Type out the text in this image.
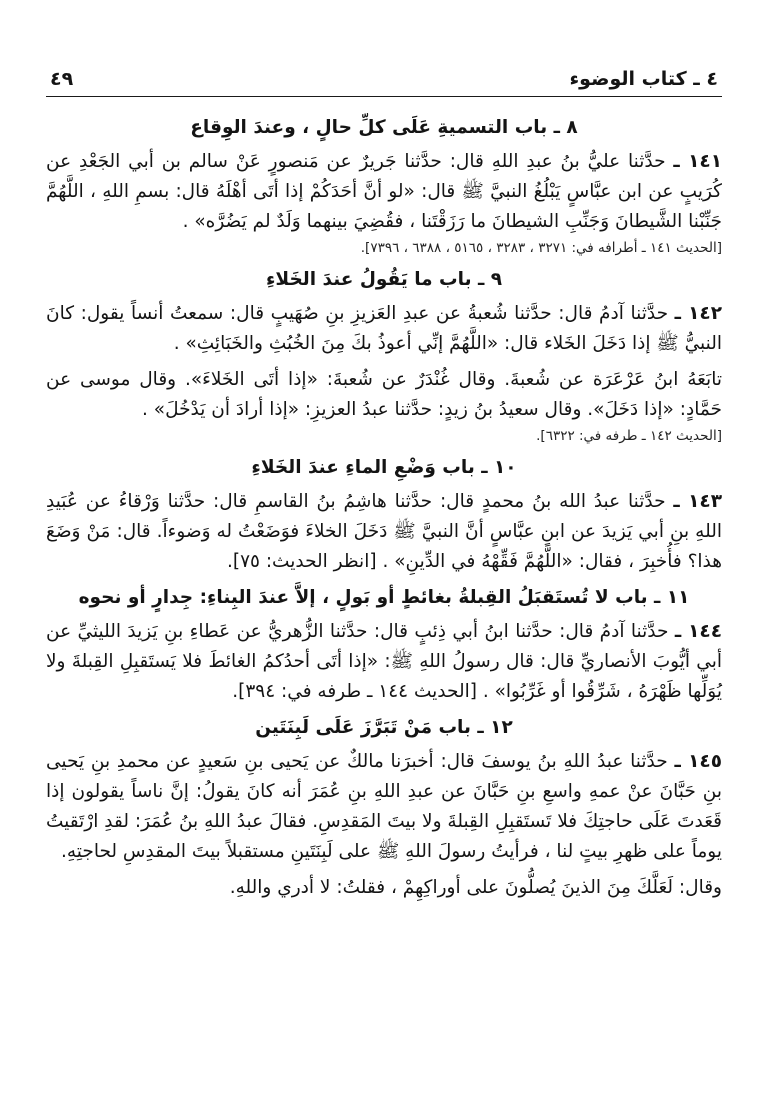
٤ ـ كتاب الوضوء
٤٩
٨ ـ باب التسميةِ عَلَى كلِّ حالٍ ، وعندَ الوِقاع

١٤١ ـ حدَّثنا عليُّ بنُ عبدِ اللهِ قال: حدَّثنا جَريرٌ عن مَنصورٍ عَنْ سالم بن أبي الجَعْدِ عن كُرَيبٍ عن ابن عبَّاسٍ يَبْلُغُ النبيَّ ﷺ قال: «لو أنَّ أحَدَكُمْ إذا أتَى أهْلَهُ قال: بسمِ اللهِ ، اللَّهُمَّ جَنِّبْنا الشَّيطانَ وَجَنِّبِ الشيطانَ ما رَزَقْتَنا ، فقُضِيَ بينهما وَلَدٌ لم يَضُرَّه» .

[الحديث ١٤١ ـ أطرافه في: ٣٢٧١ ، ٣٢٨٣ ، ٥١٦٥ ، ٦٣٨٨ ، ٧٣٩٦].

٩ ـ باب ما يَقُولُ عندَ الخَلاءِ

١٤٢ ـ حدَّثنا آدمُ قال: حدَّثنا شُعبةُ عن عبدِ العَزيزِ بنِ صُهَيبٍ قال: سمعتُ أنساً يقول: كانَ النبيُّ ﷺ إذا دَخَلَ الخَلاء قال: «اللَّهُمَّ إنِّي أعوذُ بكَ مِنَ الخُبُثِ والخَبَائِثِ» .

تابَعَهُ ابنُ عَرْعَرَة عن شُعبةَ. وقال غُنْدَرٌ عن شُعبةَ: «إذا أتَى الخَلاءَ». وقال موسى عن حَمَّادٍ: «إذا دَخَلَ». وقال سعيدُ بنُ زيدٍ: حدَّثنا عبدُ العزيزِ: «إذا أرادَ أن يَدْخُلَ» .

[الحديث ١٤٢ ـ طرفه في: ٦٣٢٢].

١٠ ـ باب وَضْعِ الماءِ عندَ الخَلاءِ

١٤٣ ـ حدَّثنا عبدُ الله بنُ محمدٍ قال: حدَّثنا هاشِمُ بنُ القاسمِ قال: حدَّثنا وَرْقاءُ عن عُبَيدِ اللهِ بنِ أبي يَزيدَ عن ابنِ عبَّاسٍ أنَّ النبيَّ ﷺ دَخَلَ الخلاءَ فوَضَعْتُ له وَضوءاً. قال: مَنْ وَضَعَ هذا؟ فأُخبِرَ ، فقال: «اللَّهُمَّ فَقِّهْهُ في الدِّينِ» . [انظر الحديث: ٧٥].

١١ ـ باب لا تُستَقبَلُ القِبلةُ بغائطٍ أو بَولٍ ، إلاَّ عندَ البِناءِ: جِدارٍ أو نحوه

١٤٤ ـ حدَّثنا آدمُ قال: حدَّثنا ابنُ أبي ذِئبٍ قال: حدَّثنا الزُّهريُّ عن عَطاءِ بنِ يَزيدَ الليثيِّ عن أبي أيُّوبَ الأنصاريِّ قال: قال رسولُ اللهِ ﷺ: «إذا أتَى أحدُكمُ الغائطَ فلا يَستَقبِلِ القِبلةَ ولا يُوَلِّها ظَهْرَهُ ، شَرِّقُوا أو غَرِّبُوا» . [الحديث ١٤٤ ـ طرفه في: ٣٩٤].

١٢ ـ باب مَنْ تَبَرَّزَ عَلَى لَبِنَتَين

١٤٥ ـ حدَّثنا عبدُ اللهِ بنُ يوسفَ قال: أخبرَنا مالكٌ عن يَحيى بنِ سَعيدٍ عن محمدِ بنِ يَحيى بنِ حَبَّانَ عنْ عمهِ واسعِ بنِ حَبَّانَ عن عبدِ اللهِ بنِ عُمَرَ أنه كانَ يقولُ: إنَّ ناساً يقولون إذا قَعَدتَ عَلَى حاجتِكَ فلا تَستَقبِلِ القِبلةَ ولا بيتَ المَقدِسِ. فقالَ عبدُ اللهِ بنُ عُمَرَ: لقدِ ارْتَقيتُ يوماً على ظهرِ بيتٍ لنا ، فرأيتُ رسولَ اللهِ ﷺ على لَبِنَتَينِ مستقبلاً بيتَ المقدِسِ لحاجتِهِ.

وقال: لَعَلَّكَ مِنَ الذينَ يُصلُّونَ على أوراكِهِمْ ، فقلتُ: لا أدري واللهِ.
